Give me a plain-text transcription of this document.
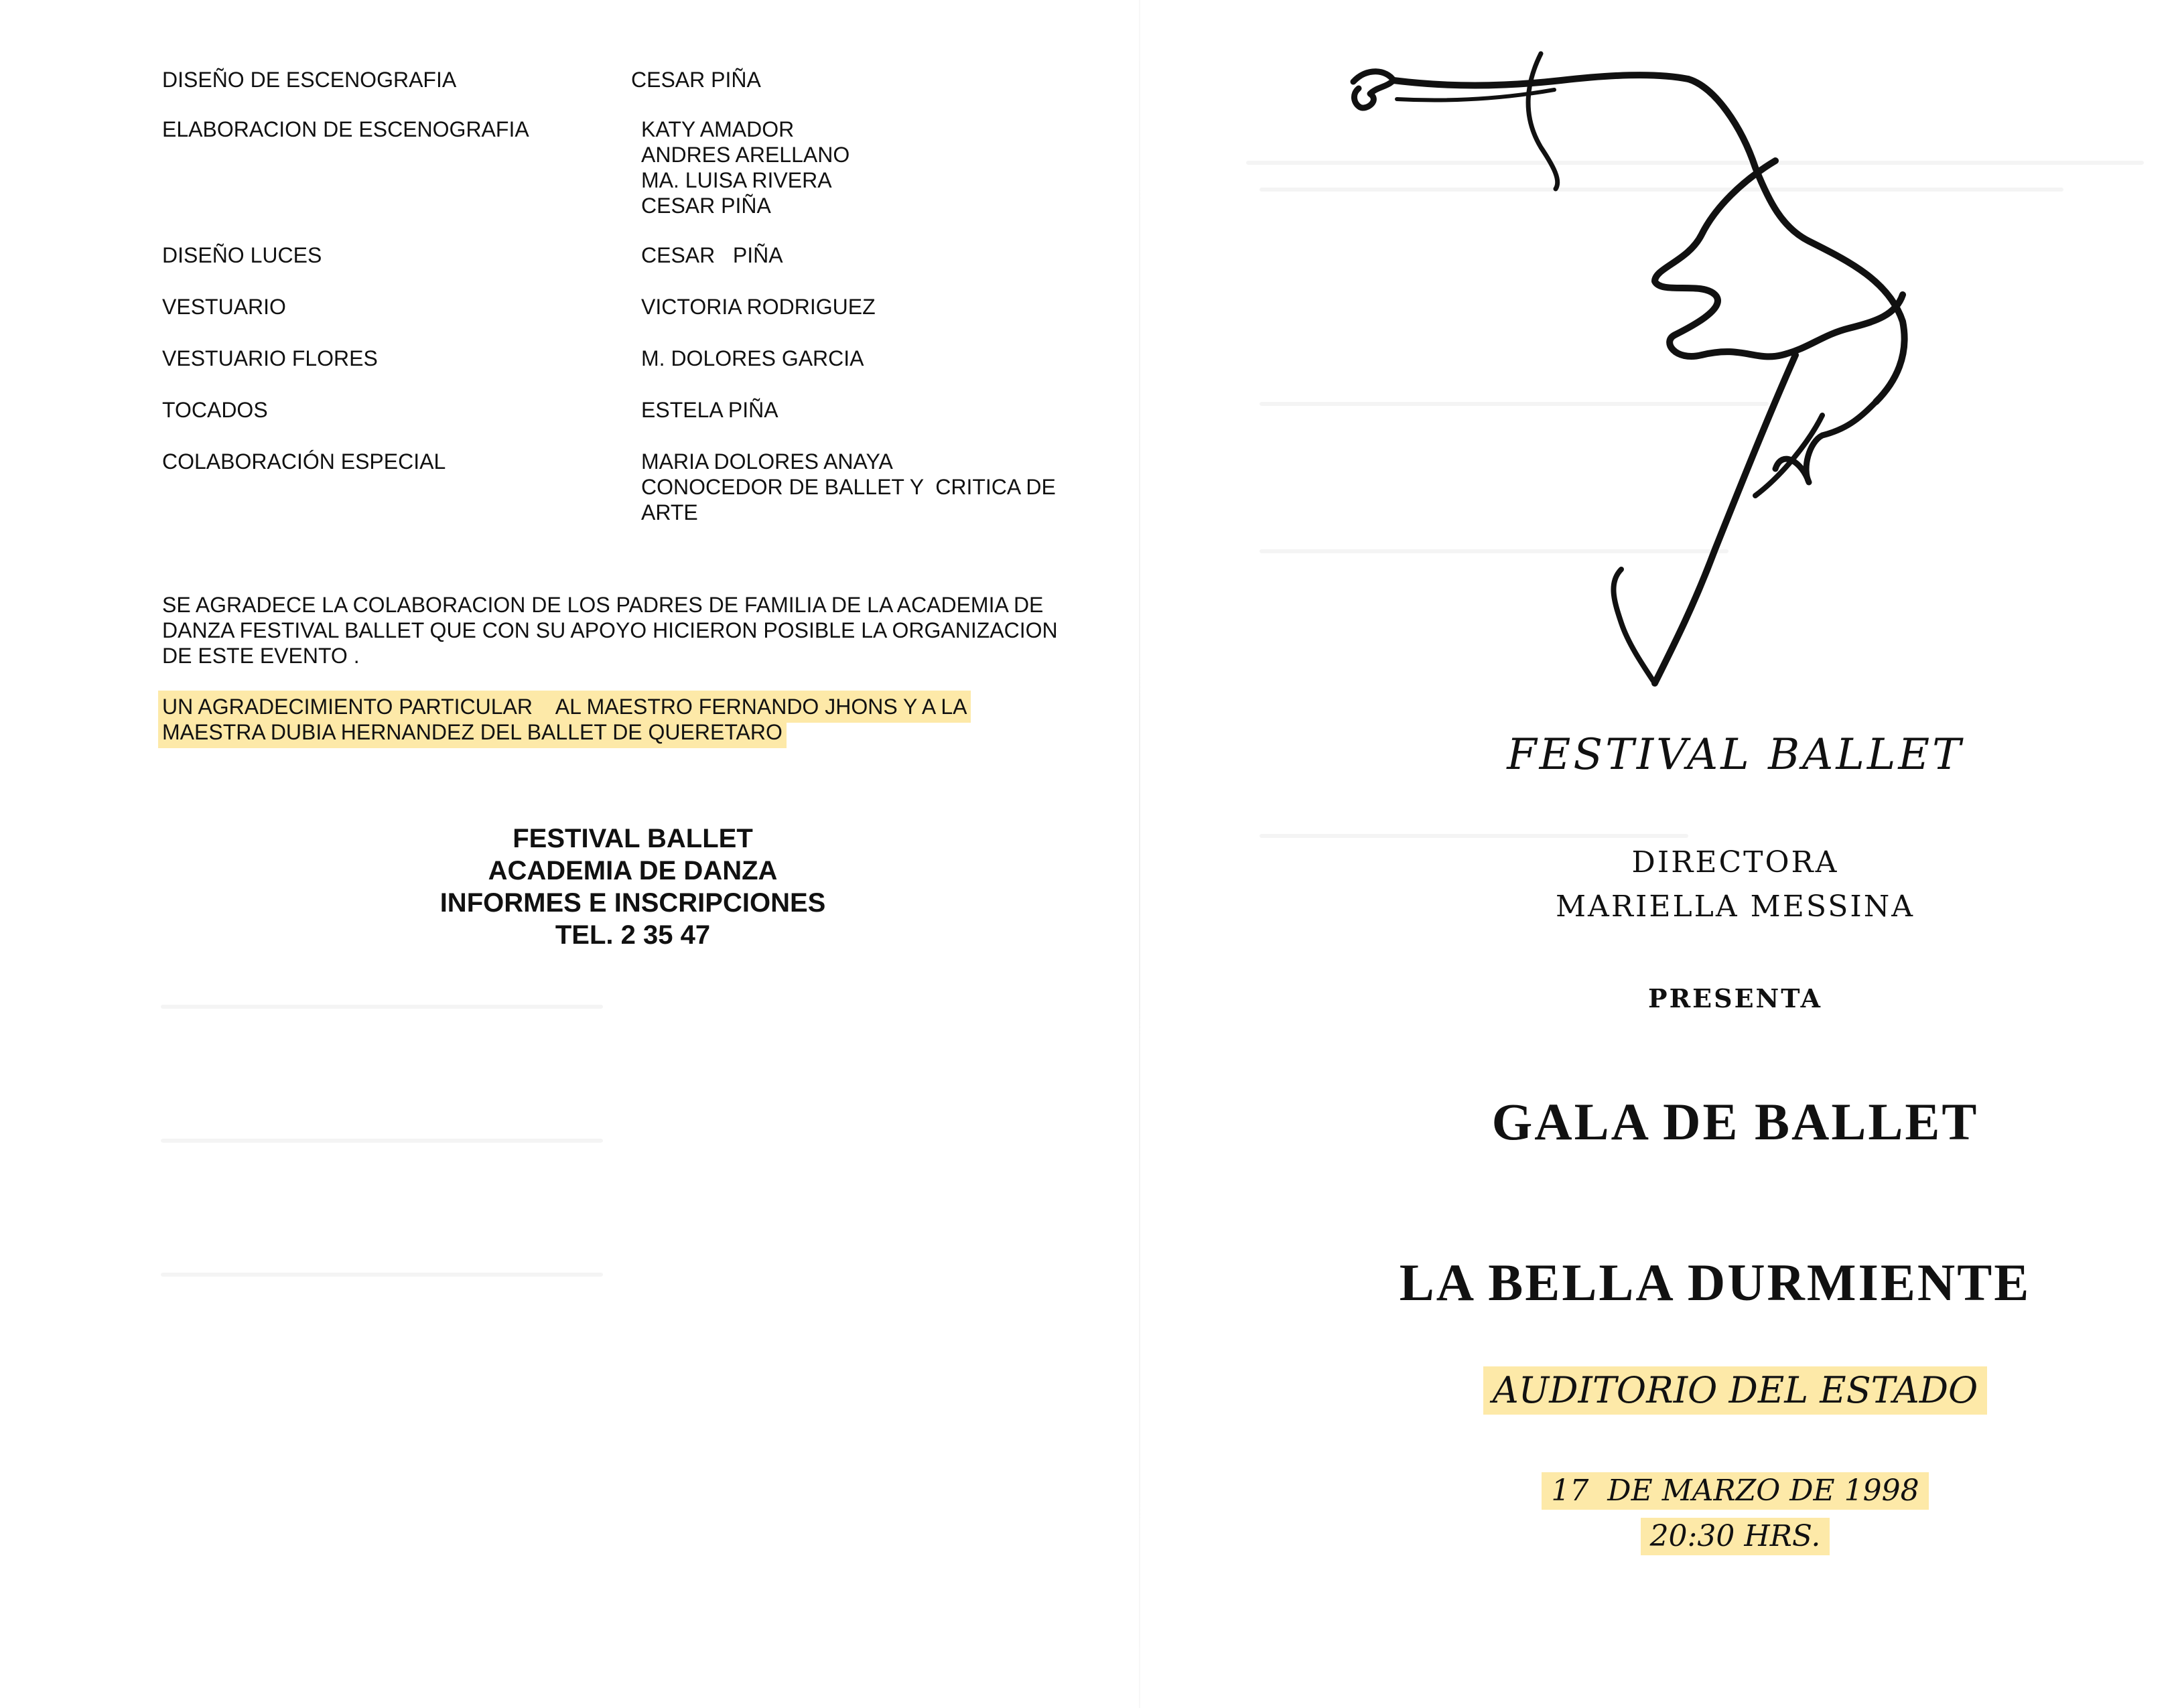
DISEÑO DE ESCENOGRAFIA	CESAR PIÑA
ELABORACION DE ESCENOGRAFIA	KATY AMADOR
ANDRES ARELLANO
MA. LUISA RIVERA
CESAR PIÑA
DISEÑO LUCES	CESAR   PIÑA
VESTUARIO	VICTORIA RODRIGUEZ
VESTUARIO FLORES	M. DOLORES GARCIA
TOCADOS	ESTELA PIÑA
COLABORACIÓN ESPECIAL	MARIA DOLORES ANAYA
CONOCEDOR DE BALLET Y  CRITICA DE
ARTE
SE AGRADECE LA COLABORACION DE LOS PADRES DE FAMILIA DE LA ACADEMIA DE
DANZA FESTIVAL BALLET QUE CON SU APOYO HICIERON POSIBLE LA ORGANIZACION
DE ESTE EVENTO .
UN AGRADECIMIENTO PARTICULAR    AL MAESTRO FERNANDO JHONS Y A LA
MAESTRA DUBIA HERNANDEZ DEL BALLET DE QUERETARO
FESTIVAL BALLET
ACADEMIA DE DANZA
INFORMES E INSCRIPCIONES
TEL. 2 35 47
FESTIVAL BALLET
DIRECTORA
MARIELLA MESSINA
PRESENTA
GALA DE BALLET
LA BELLA DURMIENTE
AUDITORIO DEL ESTADO
17  DE MARZO DE 1998
20:30 HRS.
